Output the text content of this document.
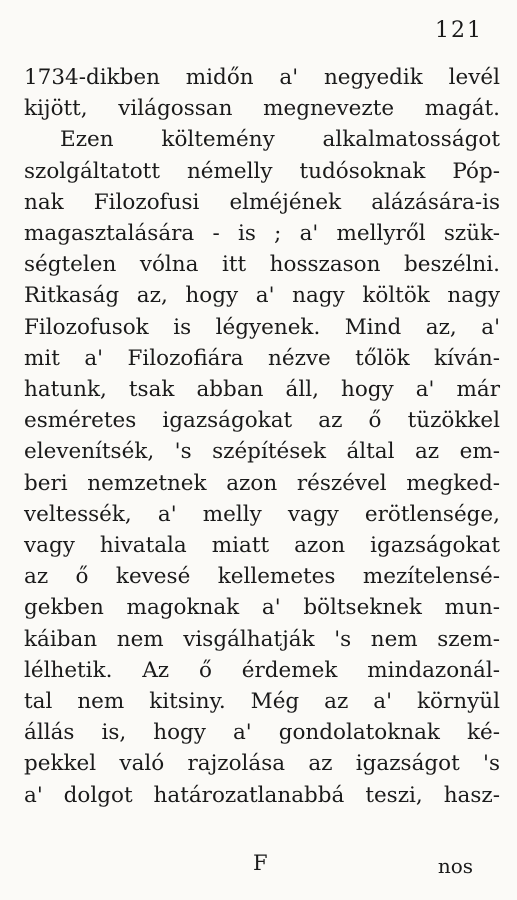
121
1734-dikben midőn a' negyedik levél
kijött, világossan megnevezte magát.
Ezen költemény alkalmatosságot
szolgáltatott némelly tudósoknak Póp-
nak Filozofusi elméjének alázására-is
magasztalására - is ; a' mellyről szük-
ségtelen vólna itt hosszason beszélni.
Ritkaság az, hogy a' nagy költök nagy
Filozofusok is légyenek. Mind az, a'
mit a' Filozofiára nézve tőlök kíván-
hatunk, tsak abban áll, hogy a' már
esméretes igazságokat az ő tüzökkel
elevenítsék, 's szépítések által az em-
beri nemzetnek azon részével megked-
veltessék, a' melly vagy erötlensége,
vagy hivatala miatt azon igazságokat
az ő kevesé kellemetes mezítelensé-
gekben magoknak a' böltseknek mun-
káiban nem visgálhatják 's nem szem-
lélhetik. Az ő érdemek mindazonál-
tal nem kitsiny. Még az a' környül
állás is, hogy a' gondolatoknak ké-
pekkel való rajzolása az igazságot 's
a' dolgot határozatlanabbá teszi, hasz-
F	nos
